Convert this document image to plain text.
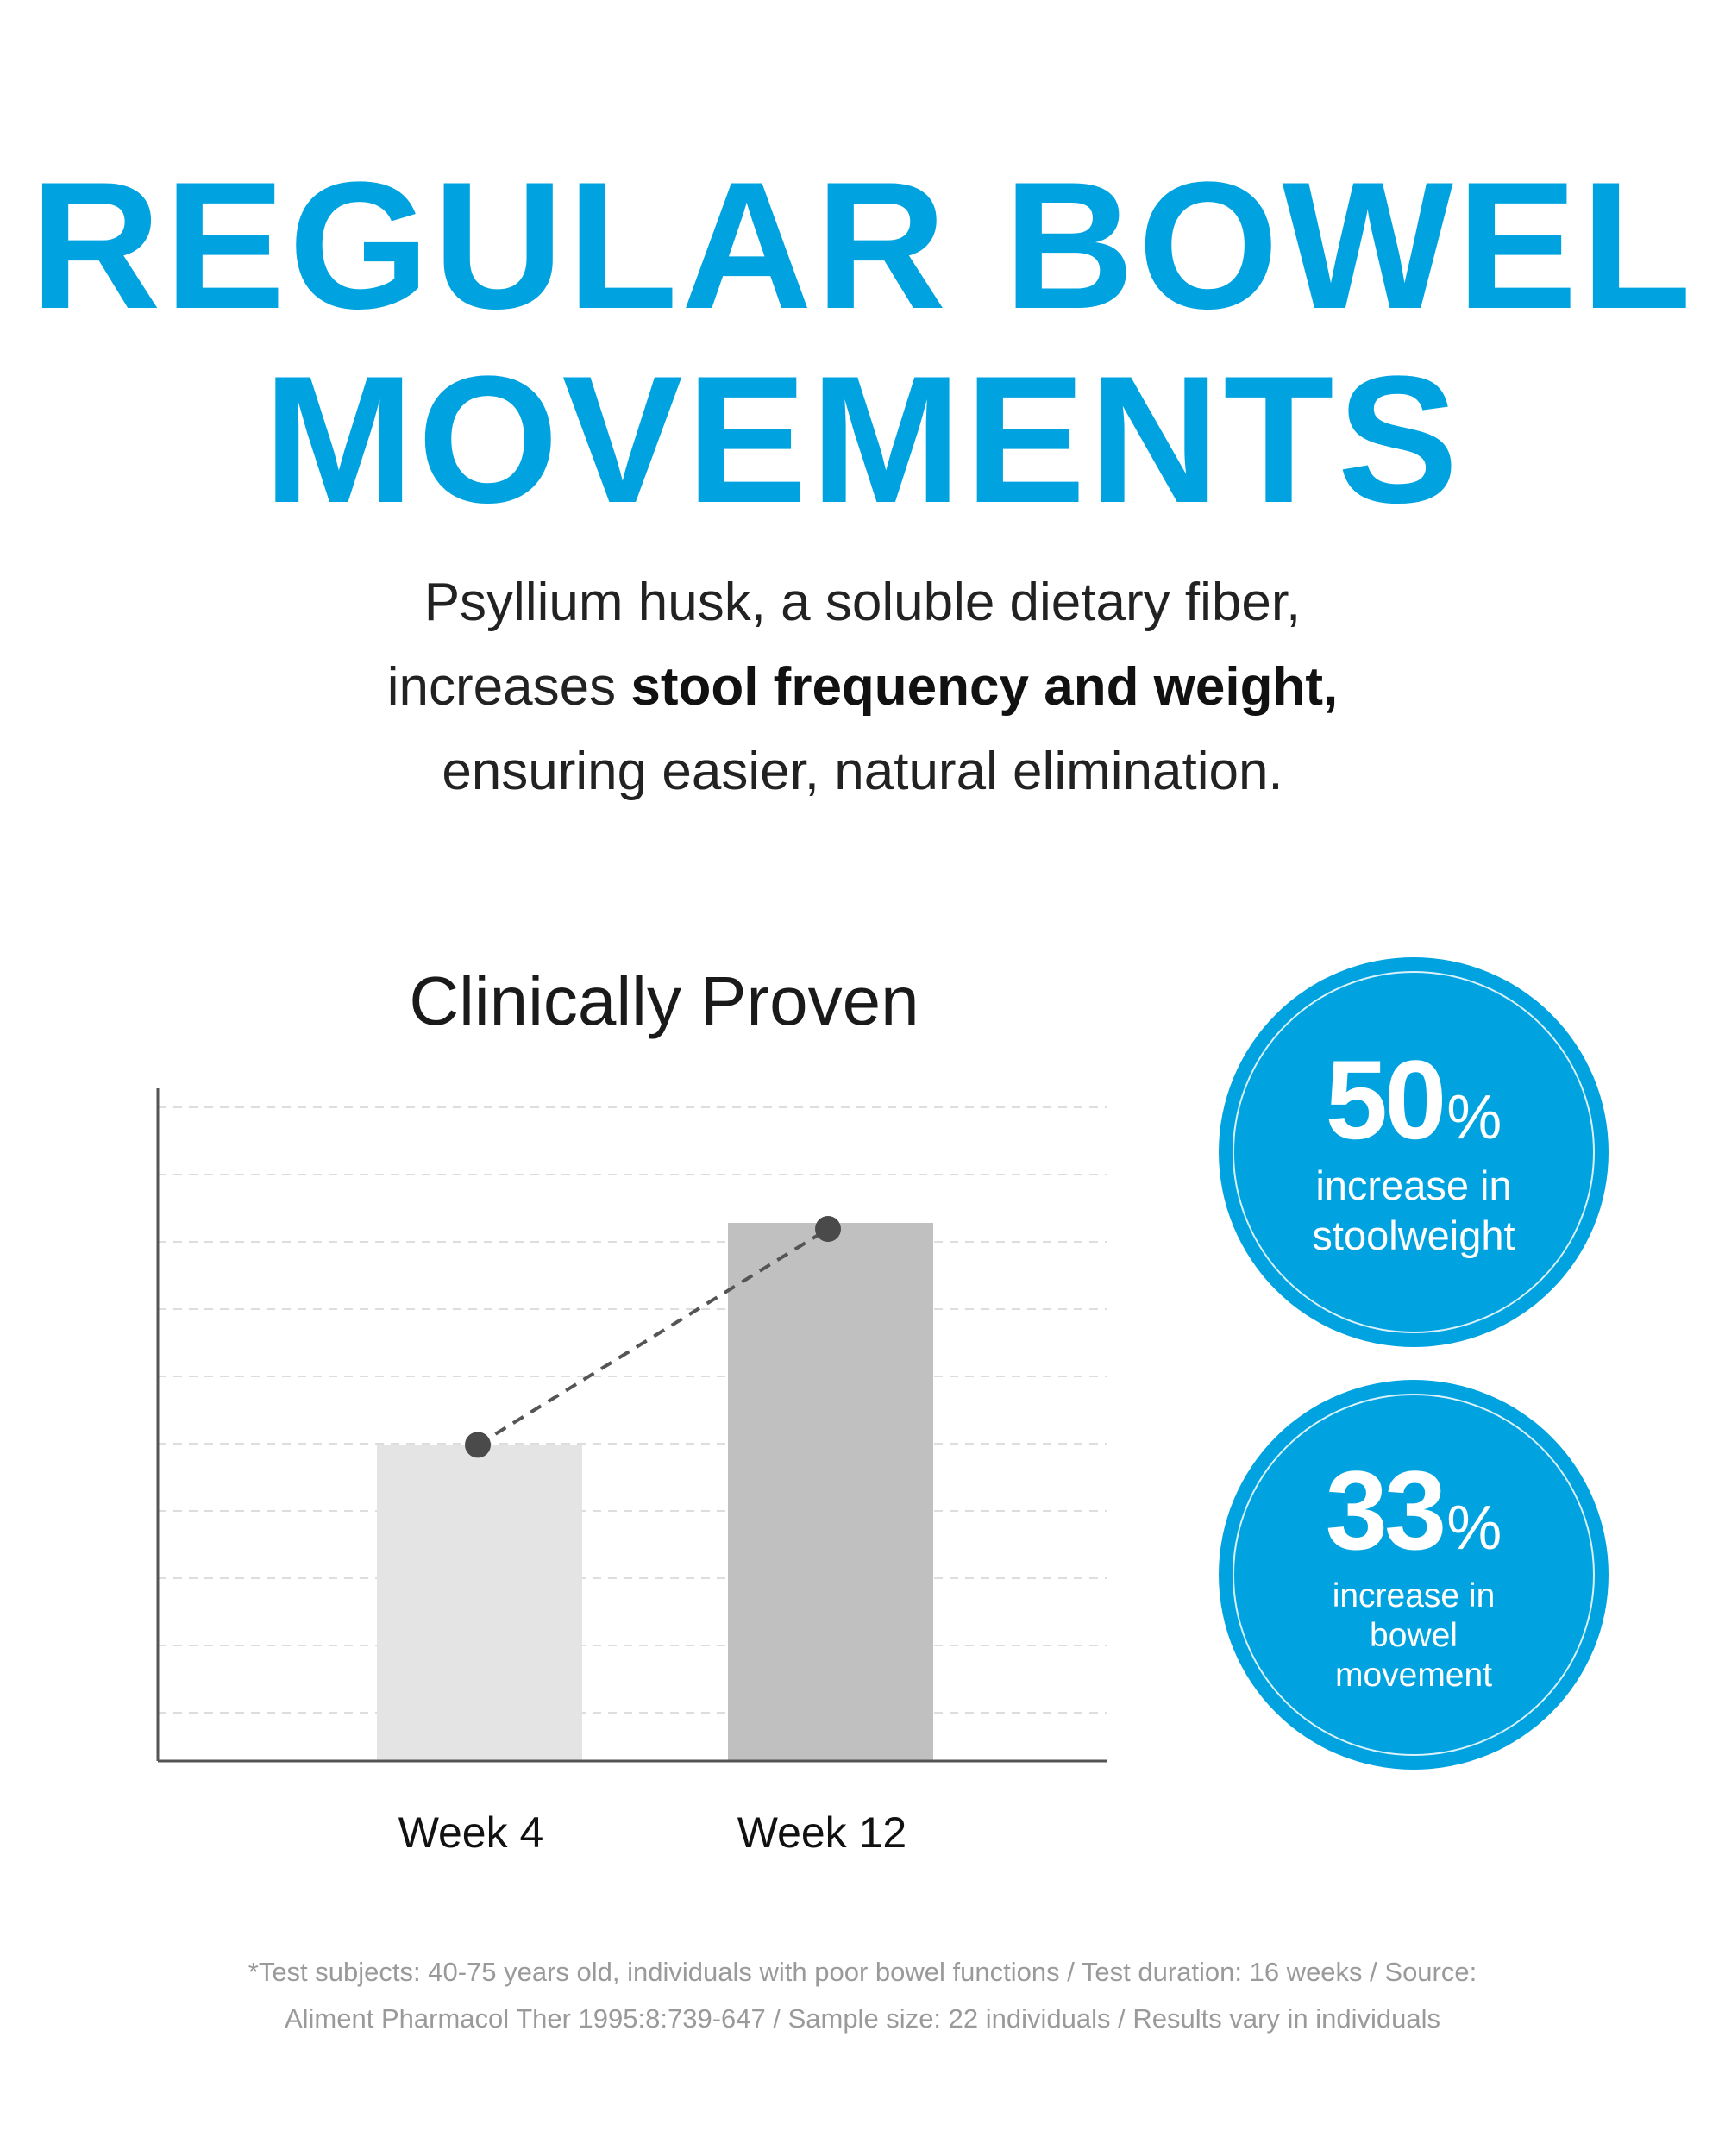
REGULAR BOWEL
MOVEMENTS
Psyllium husk, a soluble dietary fiber,
increases stool frequency and weight,
ensuring easier, natural elimination.
Clinically Proven
Week 4	Week 12
50%
increase in stoolweight
33%
increase in bowel movement
*Test subjects: 40-75 years old, individuals with poor bowel functions / Test duration: 16 weeks / Source:
Aliment Pharmacol Ther 1995:8:739-647 / Sample size: 22 individuals / Results vary in individuals
